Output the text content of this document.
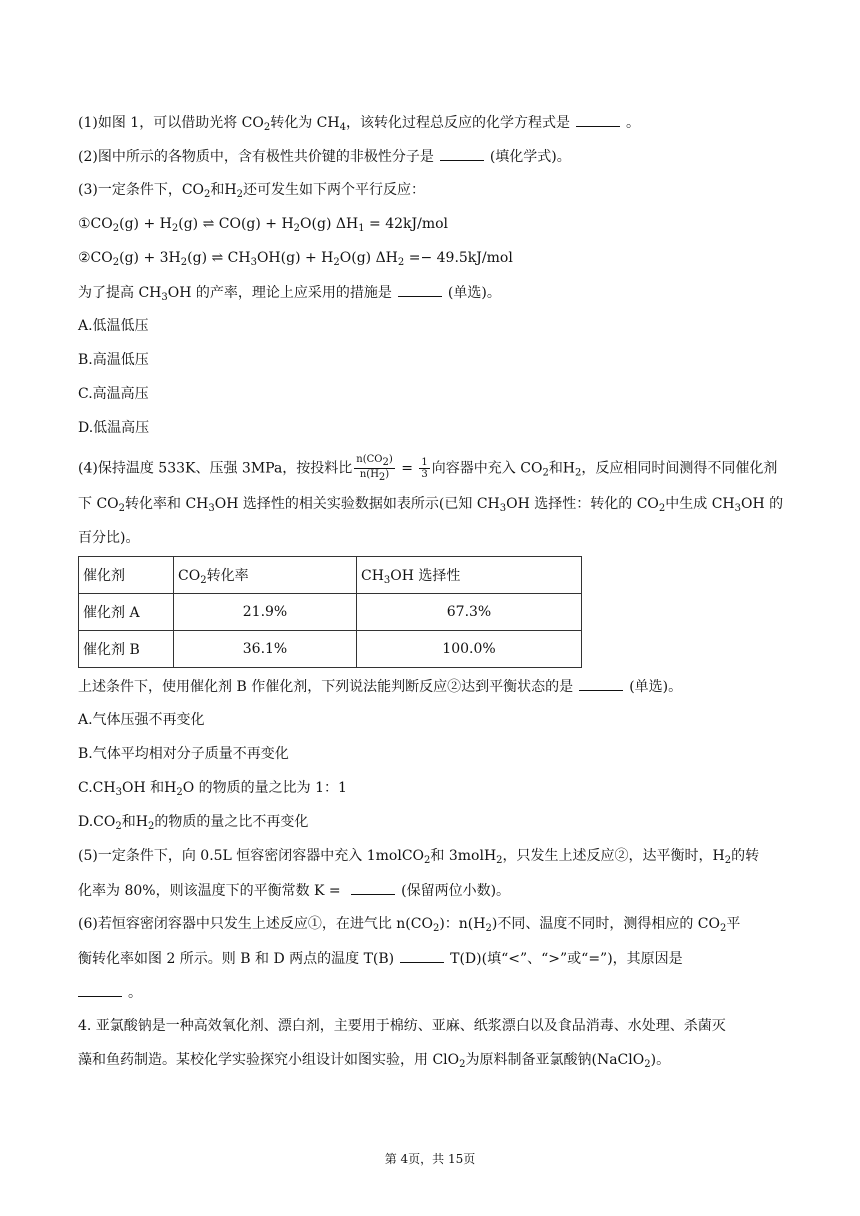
(1)如图 1，可以借助光将 $CO_2$转化为 $CH_4$，该转化过程总反应的化学方程式是	。
(2)图中所示的各物质中，含有极性共价键的非极性分子是	(填化学式)。
(3)一定条件下，$CO_2$和$H_2$还可发生如下两个平行反应：
$①CO_2(g) + H_2(g)$ ⇌ $CO(g) + H_2O(g) \Delta H_1 = 42kJ/mol$
$②CO_2(g) + 3H_2(g)$ ⇌ $CH_3OH(g) + H_2O(g) \Delta H_2 =- 49.5kJ/mol$
为了提高 $CH_3OH$ 的产率，理论上应采用的措施是	(单选)。
A.低温低压
B.高温低压
C.高温高压
D.低温高压
(4)保持温度 533K、压强 3MPa，按投料比 $\frac{n(CO_2)}{n(H_2)} = \frac{1}{3}$ 向容器中充入 $CO_2$和$H_2$，反应相同时间测得不同催化剂
下 $CO_2$转化率和 $CH_3OH$ 选择性的相关实验数据如表所示(已知 $CH_3OH$ 选择性：转化的 $CO_2$中生成 $CH_3OH$ 的
百分比)。
催化剂	$CO_2$转化率	$CH_3OH$ 选择性
催化剂 A	21.9%	67.3%
催化剂 B	36.1%	100.0%
上述条件下，使用催化剂 B 作催化剂，下列说法能判断反应②达到平衡状态的是	(单选)。
A.气体压强不再变化
B.气体平均相对分子质量不再变化
$C.CH_3OH$ 和$H_2O$ 的物质的量之比为 1：1
$D.CO_2$和$H_2$的物质的量之比不再变化
(5)一定条件下，向 0.5L 恒容密闭容器中充入 1molCO$_2$和 3molH$_2$，只发生上述反应②，达平衡时，$H_2$的转
化率为 80%，则该温度下的平衡常数 K =	(保留两位小数)。
(6)若恒容密闭容器中只发生上述反应①，在进气比 $n(CO_2)$：$n(H_2)$不同、温度不同时，测得相应的 $CO_2$平
衡转化率如图 2 所示。则 B 和 D 两点的温度 T(B)	T(D)(填“<”、“>”或“=”)，其原因是
。
4. 亚氯酸钠是一种高效氧化剂、漂白剂，主要用于棉纺、亚麻、纸浆漂白以及食品消毒、水处理、杀菌灭
藻和鱼药制造。某校化学实验探究小组设计如图实验，用 ClO$_2$为原料制备亚氯酸钠(NaClO$_2$)。
第 4页，共 15页
